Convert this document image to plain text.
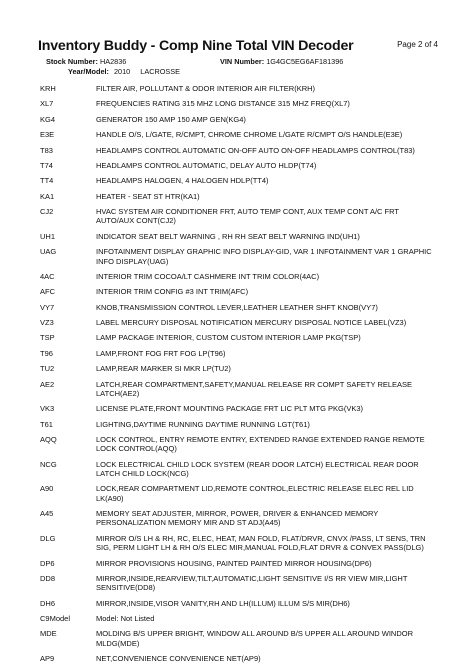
Inventory Buddy - Comp Nine Total VIN Decoder	Page 2 of 4
Stock Number: HA2836	VIN Number: 1G4GC5EG6AF181396
Year/Model: 2010 LACROSSE
KRH	FILTER AIR, POLLUTANT & ODOR INTERIOR AIR FILTER(KRH)
XL7	FREQUENCIES RATING 315 MHZ LONG DISTANCE 315 MHZ FREQ(XL7)
KG4	GENERATOR 150 AMP 150 AMP GEN(KG4)
E3E	HANDLE O/S, L/GATE, R/CMPT, CHROME CHROME L/GATE R/CMPT O/S HANDLE(E3E)
T83	HEADLAMPS CONTROL AUTOMATIC ON-OFF AUTO ON-OFF HEADLAMPS CONTROL(T83)
T74	HEADLAMPS CONTROL AUTOMATIC, DELAY AUTO HLDP(T74)
TT4	HEADLAMPS HALOGEN, 4 HALOGEN HDLP(TT4)
KA1	HEATER - SEAT ST HTR(KA1)
CJ2	HVAC SYSTEM AIR CONDITIONER FRT, AUTO TEMP CONT, AUX TEMP CONT A/C FRT AUTO/AUX CONT(CJ2)
UH1	INDICATOR SEAT BELT WARNING , RH RH SEAT BELT WARNING IND(UH1)
UAG	INFOTAINMENT DISPLAY GRAPHIC INFO DISPLAY-GID, VAR 1 INFOTAINMENT VAR 1 GRAPHIC INFO DISPLAY(UAG)
4AC	INTERIOR TRIM COCOA/LT CASHMERE INT TRIM COLOR(4AC)
AFC	INTERIOR TRIM CONFIG #3 INT TRIM(AFC)
VY7	KNOB,TRANSMISSION CONTROL LEVER,LEATHER LEATHER SHFT KNOB(VY7)
VZ3	LABEL MERCURY DISPOSAL NOTIFICATION MERCURY DISPOSAL NOTICE LABEL(VZ3)
TSP	LAMP PACKAGE INTERIOR, CUSTOM CUSTOM INTERIOR LAMP PKG(TSP)
T96	LAMP,FRONT FOG FRT FOG LP(T96)
TU2	LAMP,REAR MARKER SI MKR LP(TU2)
AE2	LATCH,REAR COMPARTMENT,SAFETY,MANUAL RELEASE RR COMPT SAFETY RELEASE LATCH(AE2)
VK3	LICENSE PLATE,FRONT MOUNTING PACKAGE FRT LIC PLT MTG PKG(VK3)
T61	LIGHTING,DAYTIME RUNNING DAYTIME RUNNING LGT(T61)
AQQ	LOCK CONTROL, ENTRY REMOTE ENTRY, EXTENDED RANGE EXTENDED RANGE REMOTE LOCK CONTROL(AQQ)
NCG	LOCK ELECTRICAL CHILD LOCK SYSTEM (REAR DOOR LATCH) ELECTRICAL REAR DOOR LATCH CHILD LOCK(NCG)
A90	LOCK,REAR COMPARTMENT LID,REMOTE CONTROL,ELECTRIC RELEASE ELEC REL LID LK(A90)
A45	MEMORY SEAT ADJUSTER, MIRROR, POWER, DRIVER & ENHANCED MEMORY PERSONALIZATION MEMORY MIR AND ST ADJ(A45)
DLG	MIRROR O/S LH & RH, RC, ELEC, HEAT, MAN FOLD, FLAT/DRVR, CNVX /PASS, LT SENS, TRN SIG, PERM LIGHT LH & RH O/S ELEC MIR,MANUAL FOLD,FLAT DRVR & CONVEX PASS(DLG)
DP6	MIRROR PROVISIONS HOUSING, PAINTED PAINTED MIRROR HOUSING(DP6)
DD8	MIRROR,INSIDE,REARVIEW,TILT,AUTOMATIC,LIGHT SENSITIVE I/S RR VIEW MIR,LIGHT SENSITIVE(DD8)
DH6	MIRROR,INSIDE,VISOR VANITY,RH AND LH(ILLUM) ILLUM S/S MIR(DH6)
C9Model	Model: Not Listed
MDE	MOLDING B/S UPPER BRIGHT, WINDOW ALL AROUND B/S UPPER ALL AROUND WINDOR MLDG(MDE)
AP9	NET,CONVENIENCE CONVENIENCE NET(AP9)
